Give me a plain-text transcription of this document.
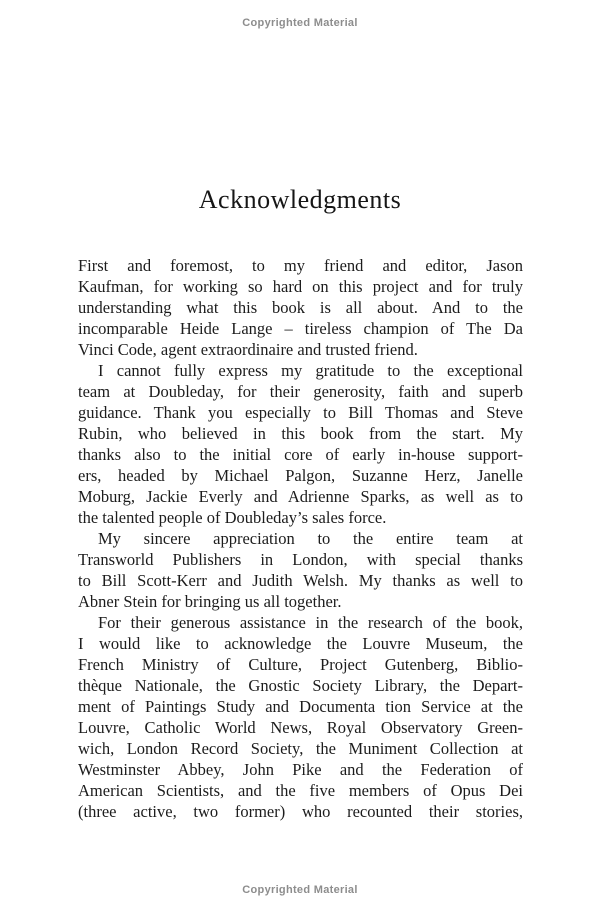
Copyrighted Material
Acknowledgments
First and foremost, to my friend and editor, Jason
Kaufman, for working so hard on this project and for truly
understanding what this book is all about. And to the
incomparable Heide Lange – tireless champion of The Da
Vinci Code, agent extraordinaire and trusted friend.
I cannot fully express my gratitude to the exceptional
team at Doubleday, for their generosity, faith and superb
guidance. Thank you especially to Bill Thomas and Steve
Rubin, who believed in this book from the start. My
thanks also to the initial core of early in-house support-
ers, headed by Michael Palgon, Suzanne Herz, Janelle
Moburg, Jackie Everly and Adrienne Sparks, as well as to
the talented people of Doubleday’s sales force.
My sincere appreciation to the entire team at
Transworld Publishers in London, with special thanks
to Bill Scott-Kerr and Judith Welsh. My thanks as well to
Abner Stein for bringing us all together.
For their generous assistance in the research of the book,
I would like to acknowledge the Louvre Museum, the
French Ministry of Culture, Project Gutenberg, Biblio-
thèque Nationale, the Gnostic Society Library, the Depart-
ment of Paintings Study and Documenta tion Service at the
Louvre, Catholic World News, Royal Observatory Green-
wich, London Record Society, the Muniment Collection at
Westminster Abbey, John Pike and the Federation of
American Scientists, and the five members of Opus Dei
(three active, two former) who recounted their stories,
Copyrighted Material
